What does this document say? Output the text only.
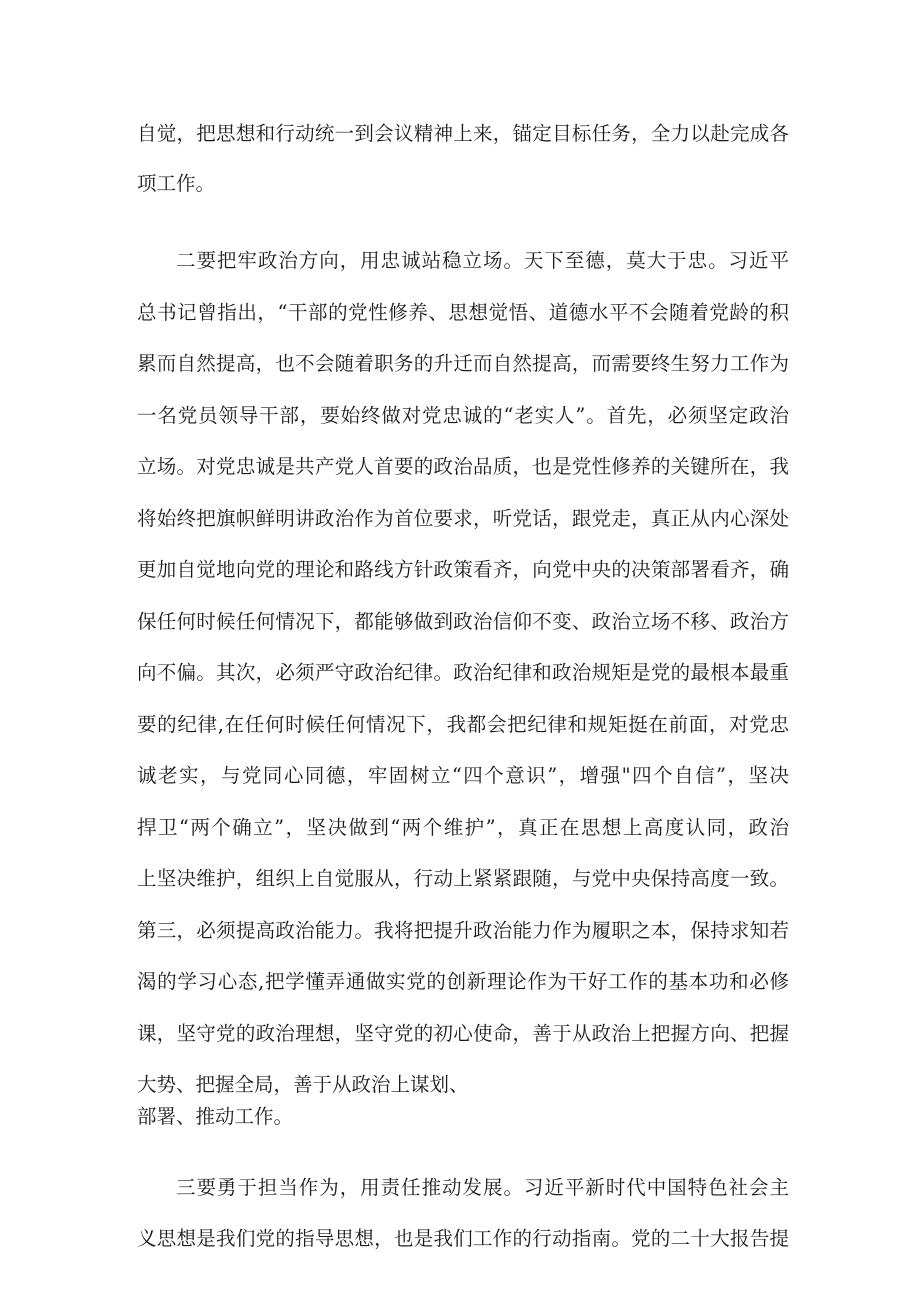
自觉，把思想和行动统一到会议精神上来，锚定目标任务，全力以赴完成各

项工作。

二要把牢政治方向，用忠诚站稳立场。天下至德，莫大于忠。习近平

总书记曾指出，“干部的党性修养、思想觉悟、道德水平不会随着党龄的积

累而自然提高，也不会随着职务的升迁而自然提高，而需要终生努力工作为

一名党员领导干部，要始终做对党忠诚的“老实人”。首先，必须坚定政治

立场。对党忠诚是共产党人首要的政治品质，也是党性修养的关键所在，我

将始终把旗帜鲜明讲政治作为首位要求，听党话，跟党走，真正从内心深处

更加自觉地向党的理论和路线方针政策看齐，向党中央的决策部署看齐，确

保任何时候任何情况下，都能够做到政治信仰不变、政治立场不移、政治方

向不偏。其次，必须严守政治纪律。政治纪律和政治规矩是党的最根本最重

要的纪律,在任何时候任何情况下，我都会把纪律和规矩挺在前面，对党忠

诚老实，与党同心同德，牢固树立“四个意识”，增强"四个自信”，坚决

捍卫“两个确立”，坚决做到“两个维护”，真正在思想上高度认同，政治

上坚决维护，组织上自觉服从，行动上紧紧跟随，与党中央保持高度一致。

第三，必须提高政治能力。我将把提升政治能力作为履职之本，保持求知若

渴的学习心态,把学懂弄通做实党的创新理论作为干好工作的基本功和必修

课，坚守党的政治理想，坚守党的初心使命，善于从政治上把握方向、把握

大势、把握全局，善于从政治上谋划、

部署、推动工作。

三要勇于担当作为，用责任推动发展。习近平新时代中国特色社会主

义思想是我们党的指导思想，也是我们工作的行动指南。党的二十大报告提
